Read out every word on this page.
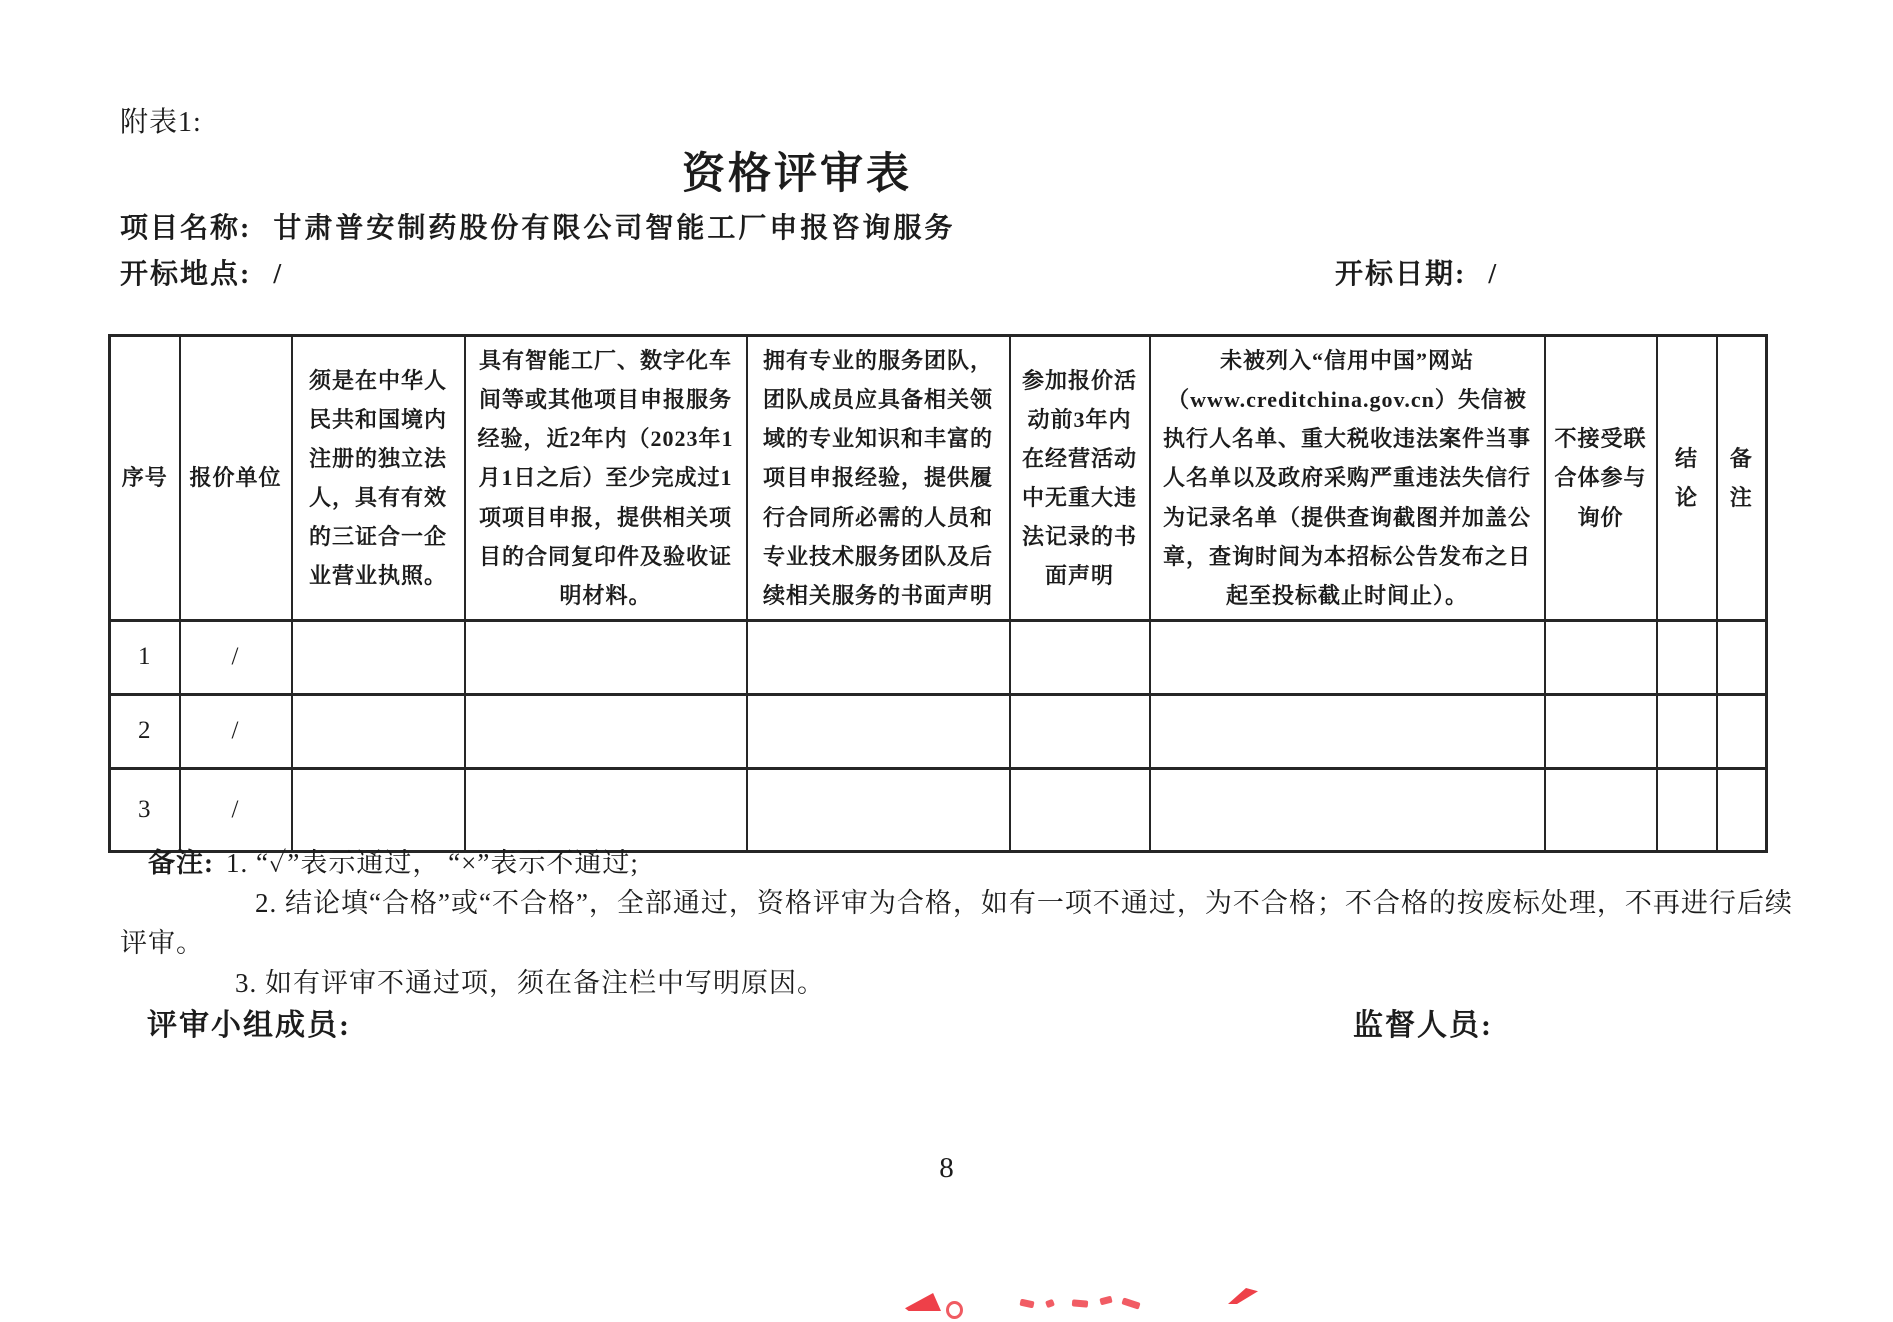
附表1:
资格评审表
项目名称: 甘肃普安制药股份有限公司智能工厂申报咨询服务
开标地点: /	开标日期: /
序号	报价单位	须是在中华人民共和国境内注册的独立法人，具有有效的三证合一企业营业执照。	具有智能工厂、数字化车间等或其他项目申报服务经验，近2年内（2023年1月1日之后）至少完成过1项项目申报，提供相关项目的合同复印件及验收证明材料。	拥有专业的服务团队，团队成员应具备相关领域的专业知识和丰富的项目申报经验，提供履行合同所必需的人员和专业技术服务团队及后续相关服务的书面声明	参加报价活动前3年内在经营活动中无重大违法记录的书面声明	未被列入“信用中国”网站（www.creditchina.gov.cn）失信被执行人名单、重大税收违法案件当事人名单以及政府采购严重违法失信行为记录名单（提供查询截图并加盖公章，查询时间为本招标公告发布之日起至投标截止时间止）。	不接受联合体参与询价	结论	备注
1	/								
2	/								
3	/								
备注: 1. “✓”表示通过， “×”表示不通过;
2. 结论填“合格”或“不合格”，全部通过，资格评审为合格，如有一项不通过，为不合格；不合格的按废标处理，不再进行后续
评审。
3. 如有评审不通过项，须在备注栏中写明原因。
评审小组成员:	监督人员:
8
